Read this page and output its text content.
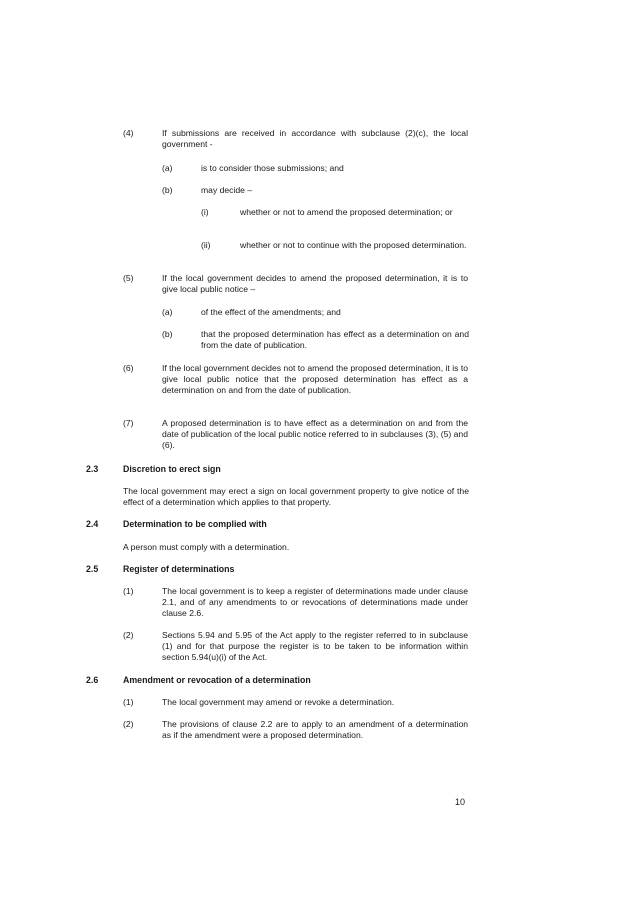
(4)	If submissions are received in accordance with subclause (2)(c), the local government -
(a)	is to consider those submissions; and
(b)	may decide –
(i)	whether or not to amend the proposed determination; or
(ii)	whether or not to continue with the proposed determination.
(5)	If the local government decides to amend the proposed determination, it is to give local public notice –
(a)	of the effect of the amendments; and
(b)	that the proposed determination has effect as a determination on and from the date of publication.
(6)	If the local government decides not to amend the proposed determination, it is to give local public notice that the proposed determination has effect as a determination on and from the date of publication.
(7)	A proposed determination is to have effect as a determination on and from the date of publication of the local public notice referred to in subclauses (3), (5) and (6).
2.3	Discretion to erect sign
The local government may erect a sign on local government property to give notice of the effect of a determination which applies to that property.
2.4	Determination to be complied with
A person must comply with a determination.
2.5	Register of determinations
(1)	The local government is to keep a register of determinations made under clause 2.1, and of any amendments to or revocations of determinations made under clause 2.6.
(2)	Sections 5.94 and 5.95 of the Act apply to the register referred to in subclause (1) and for that purpose the register is to be taken to be information within section 5.94(u)(i) of the Act.
2.6	Amendment or revocation of a determination
(1)	The local government may amend or revoke a determination.
(2)	The provisions of clause 2.2 are to apply to an amendment of a determination as if the amendment were a proposed determination.
10
